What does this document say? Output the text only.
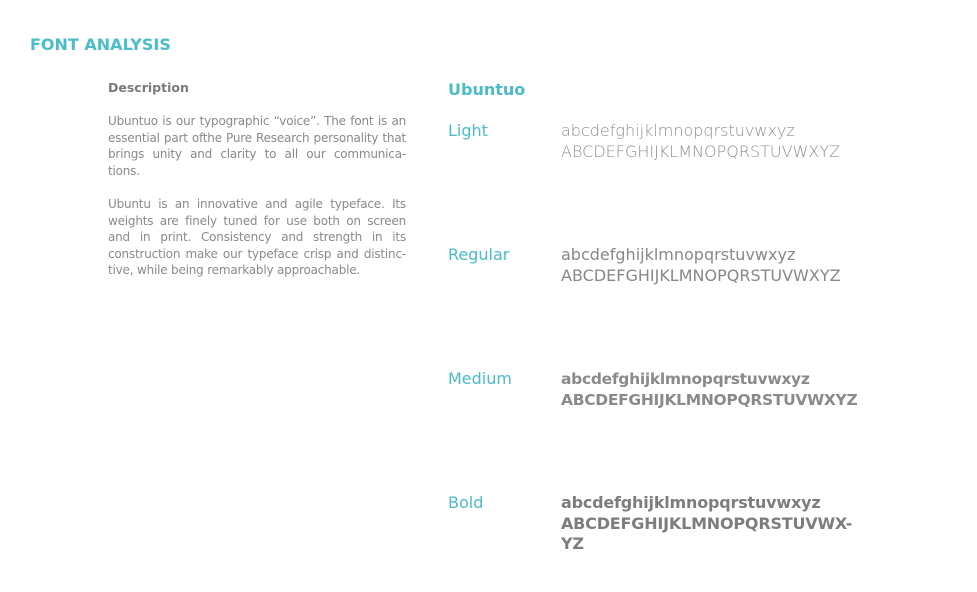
FONT ANALYSIS
Description

Ubuntuo is our typographic “voice”. The font is an essential part ofthe Pure Research personality that brings unity and clarity to all our communica- tions.

Ubuntu is an innovative and agile typeface. Its weights are finely tuned for use both on screen and in print. Consistency and strength in its construction make our typeface crisp and distinc- tive, while being remarkably approachable.

Ubuntuo
Light	abcdefghijklmnopqrstuvwxyz
ABCDEFGHIJKLMNOPQRSTUVWXYZ
Regular	abcdefghijklmnopqrstuvwxyz
ABCDEFGHIJKLMNOPQRSTUVWXYZ
Medium	abcdefghijklmnopqrstuvwxyz
ABCDEFGHIJKLMNOPQRSTUVWXYZ
Bold	abcdefghijklmnopqrstuvwxyz
ABCDEFGHIJKLMNOPQRSTUVWX-
YZ
